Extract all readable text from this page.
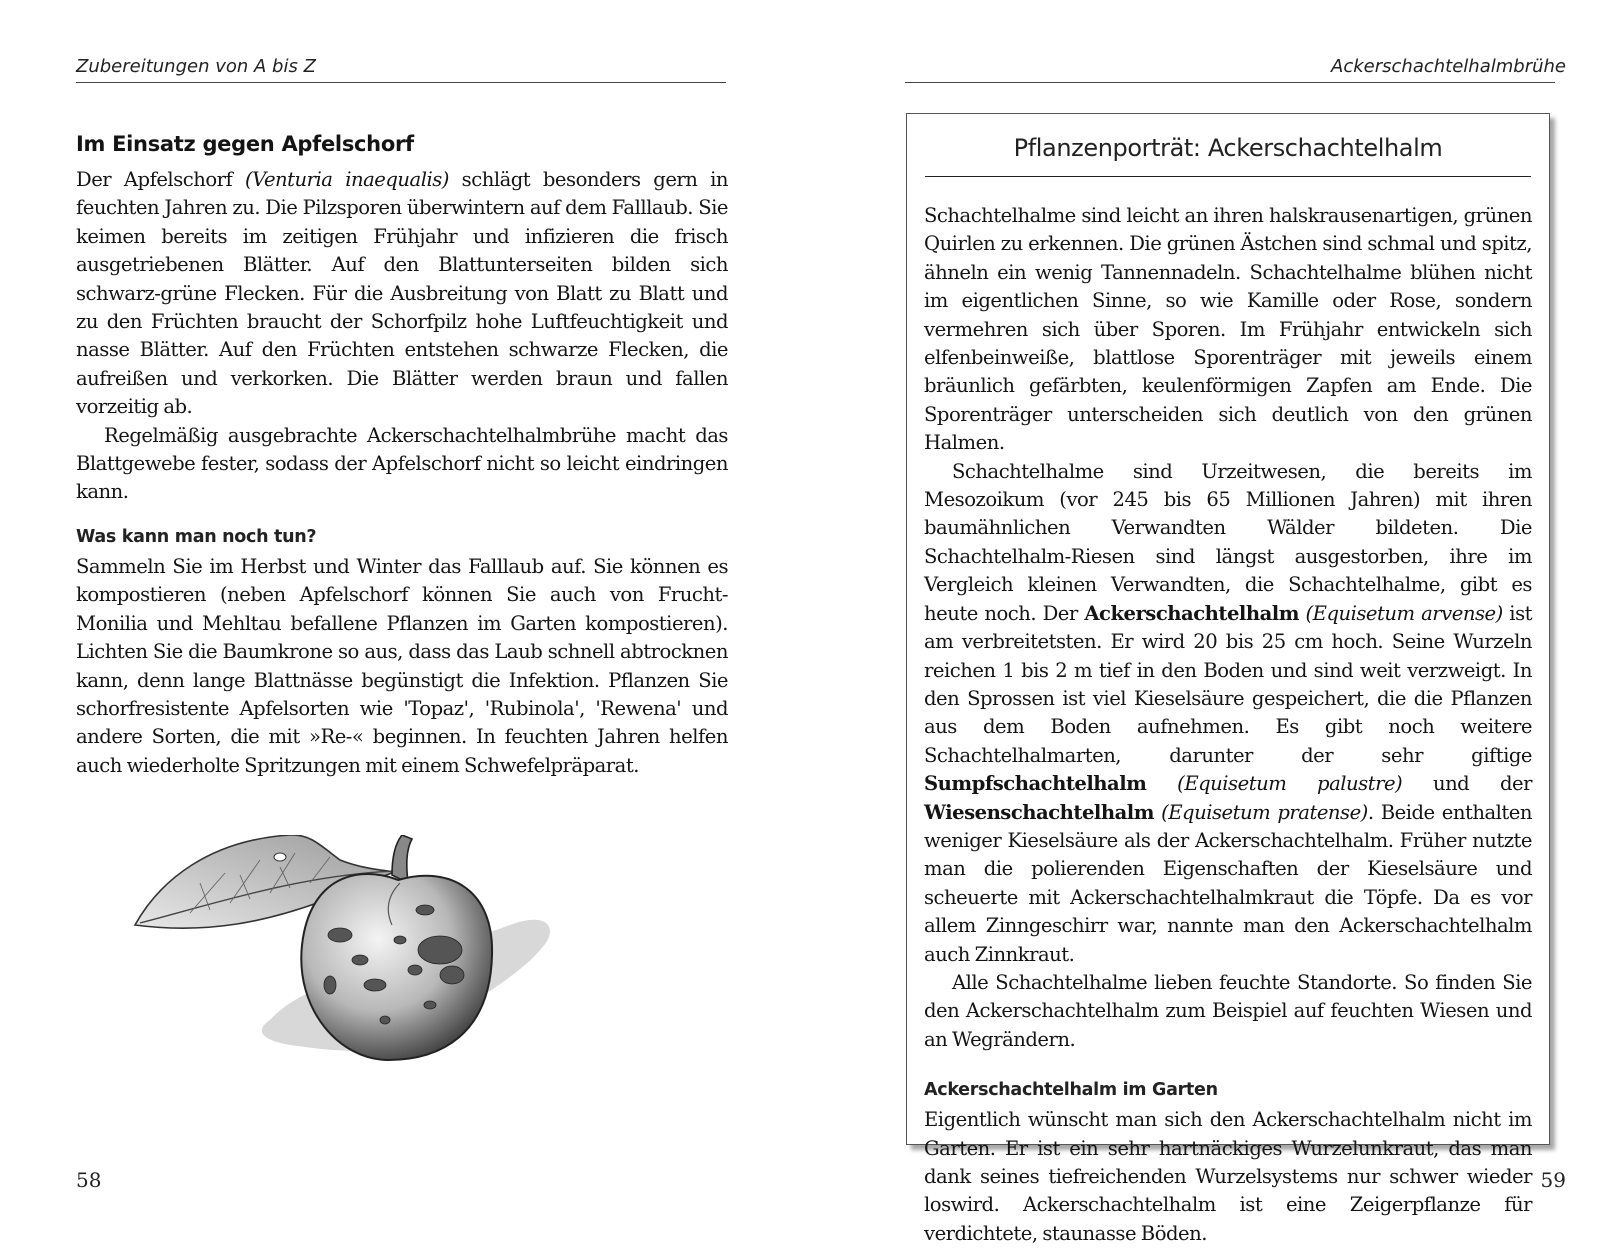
Zubereitungen von A bis Z
Im Einsatz gegen Apfelschorf

Der Apfelschorf (Venturia inaequalis) schlägt besonders gern in feuchten Jahren zu. Die Pilzsporen überwintern auf dem Falllaub. Sie keimen bereits im zeitigen Frühjahr und infizieren die frisch ausgetriebenen Blätter. Auf den Blattunterseiten bilden sich schwarz-grüne Flecken. Für die Ausbreitung von Blatt zu Blatt und zu den Früchten braucht der Schorfpilz hohe Luftfeuchtigkeit und nasse Blätter. Auf den Früchten entstehen schwarze Flecken, die aufreißen und verkorken. Die Blätter werden braun und fallen vorzeitig ab.

Regelmäßig ausgebrachte Ackerschachtelhalmbrühe macht das Blattgewebe fester, sodass der Apfelschorf nicht so leicht eindringen kann.

Was kann man noch tun?

Sammeln Sie im Herbst und Winter das Falllaub auf. Sie können es kompostieren (neben Apfelschorf können Sie auch von Frucht-Monilia und Mehltau befallene Pflanzen im Garten kompostieren). Lichten Sie die Baumkrone so aus, dass das Laub schnell abtrocknen kann, denn lange Blattnässe begünstigt die Infektion. Pflanzen Sie schorfresistente Apfelsorten wie 'Topaz', 'Rubinola', 'Rewena' und andere Sorten, die mit »Re-« beginnen. In feuchten Jahren helfen auch wiederholte Spritzungen mit einem Schwefelpräparat.

58
Ackerschachtelhalmbrühe
Pflanzenporträt: Ackerschachtelhalm

Schachtelhalme sind leicht an ihren halskrausenartigen, grünen Quirlen zu erkennen. Die grünen Ästchen sind schmal und spitz, ähneln ein wenig Tannennadeln. Schachtelhalme blühen nicht im eigentlichen Sinne, so wie Kamille oder Rose, sondern vermehren sich über Sporen. Im Frühjahr entwickeln sich elfenbeinweiße, blattlose Sporenträger mit jeweils einem bräunlich gefärbten, keulenförmigen Zapfen am Ende. Die Sporenträger unterscheiden sich deutlich von den grünen Halmen.

Schachtelhalme sind Urzeitwesen, die bereits im Mesozoikum (vor 245 bis 65 Millionen Jahren) mit ihren baumähnlichen Verwandten Wälder bildeten. Die Schachtelhalm-Riesen sind längst ausgestorben, ihre im Vergleich kleinen Verwandten, die Schachtelhalme, gibt es heute noch. Der Ackerschachtelhalm (Equisetum arvense) ist am verbreitetsten. Er wird 20 bis 25 cm hoch. Seine Wurzeln reichen 1 bis 2 m tief in den Boden und sind weit verzweigt. In den Sprossen ist viel Kieselsäure gespeichert, die die Pflanzen aus dem Boden aufnehmen. Es gibt noch weitere Schachtelhalmarten, darunter der sehr giftige Sumpfschachtelhalm (Equisetum palustre) und der Wiesenschachtelhalm (Equisetum pratense). Beide enthalten weniger Kieselsäure als der Ackerschachtelhalm. Früher nutzte man die polierenden Eigenschaften der Kieselsäure und scheuerte mit Ackerschachtelhalmkraut die Töpfe. Da es vor allem Zinngeschirr war, nannte man den Ackerschachtelhalm auch Zinnkraut.

Alle Schachtelhalme lieben feuchte Standorte. So finden Sie den Ackerschachtelhalm zum Beispiel auf feuchten Wiesen und an Wegrändern.

Ackerschachtelhalm im Garten

Eigentlich wünscht man sich den Ackerschachtelhalm nicht im Garten. Er ist ein sehr hartnäckiges Wurzelunkraut, das man dank seines tiefreichenden Wurzelsystems nur schwer wieder loswird. Ackerschachtelhalm ist eine Zeigerpflanze für verdichtete, staunasse Böden.

59
